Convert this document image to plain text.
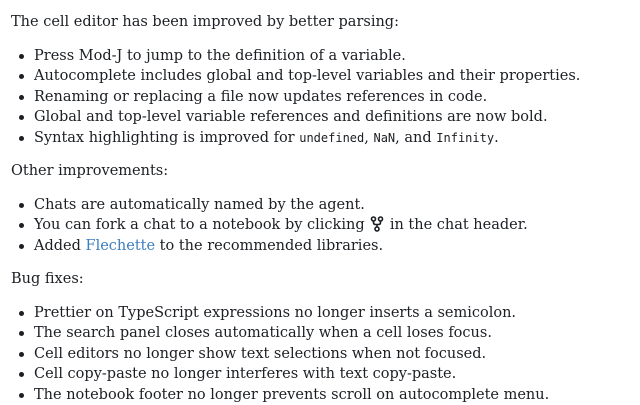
The cell editor has been improved by better parsing:

Press Mod-J to jump to the definition of a variable.
Autocomplete includes global and top-level variables and their properties.
Renaming or replacing a file now updates references in code.
Global and top-level variable references and definitions are now bold.
Syntax highlighting is improved for undefined, NaN, and Infinity.

Other improvements:

Chats are automatically named by the agent.
You can fork a chat to a notebook by clicking in the chat header.
Added Flechette to the recommended libraries.

Bug fixes:

Prettier on TypeScript expressions no longer inserts a semicolon.
The search panel closes automatically when a cell loses focus.
Cell editors no longer show text selections when not focused.
Cell copy-paste no longer interferes with text copy-paste.
The notebook footer no longer prevents scroll on autocomplete menu.
